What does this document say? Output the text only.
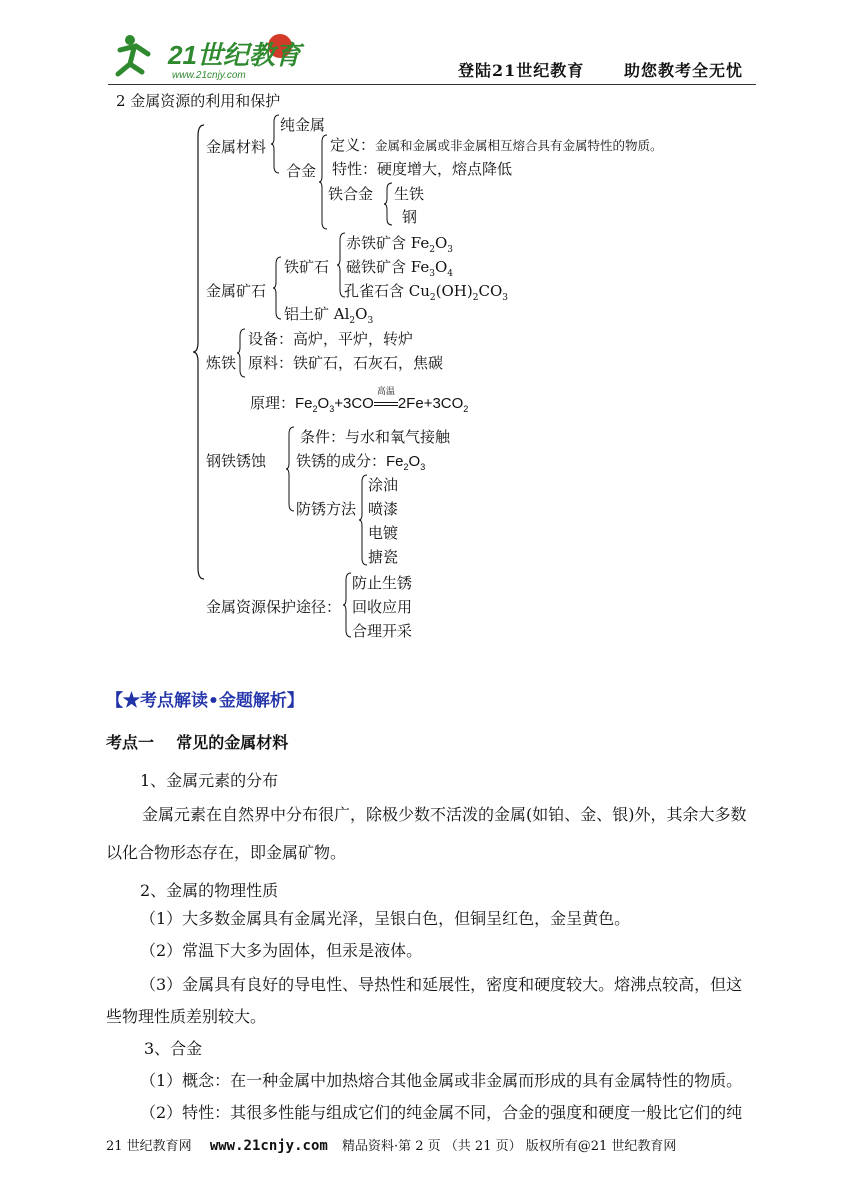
21世纪教育
www.21cnjy.com	登陆21世纪教育 助您教考全无忧
2 金属资源的利用和保护
金属材料
纯金属
合金
定义：金属和金属或非金属相互熔合具有金属特性的物质。
特性：硬度增大，熔点降低
铁合金 生铁
钢
金属矿石
铁矿石
赤铁矿含 $Fe_2O_3$
磁铁矿含 $Fe_3O_4$
孔雀石含 $Cu_2(OH)_2CO_3$
铝土矿 $Al_2O_3$
炼铁
设备：高炉，平炉，转炉
原料：铁矿石，石灰石，焦碳
原理：$Fe_2O_3+3CO$
高温
$2Fe+3CO_2$
钢铁锈蚀
条件：与水和氧气接触
铁锈的成分：$Fe_2O_3$
防锈方法
涂油
喷漆
电镀
搪瓷
金属资源保护途径：
防止生锈
回收应用
合理开采
【★考点解读•金题解析】
考点一    常见的金属材料
1、金属元素的分布
金属元素在自然界中分布很广，除极少数不活泼的金属(如铂、金、银)外，其余大多数
以化合物形态存在，即金属矿物。
2、金属的物理性质
（1）大多数金属具有金属光泽，呈银白色，但铜呈红色，金呈黄色。
（2）常温下大多为固体，但汞是液体。
（3）金属具有良好的导电性、导热性和延展性，密度和硬度较大。熔沸点较高，但这
些物理性质差别较大。
3、合金
（1）概念：在一种金属中加热熔合其他金属或非金属而形成的具有金属特性的物质。
（2）特性：其很多性能与组成它们的纯金属不同，合金的强度和硬度一般比它们的纯
21 世纪教育网 www.21cnjy.com 精品资料·第 2 页 （共 21 页） 版权所有@21 世纪教育网
